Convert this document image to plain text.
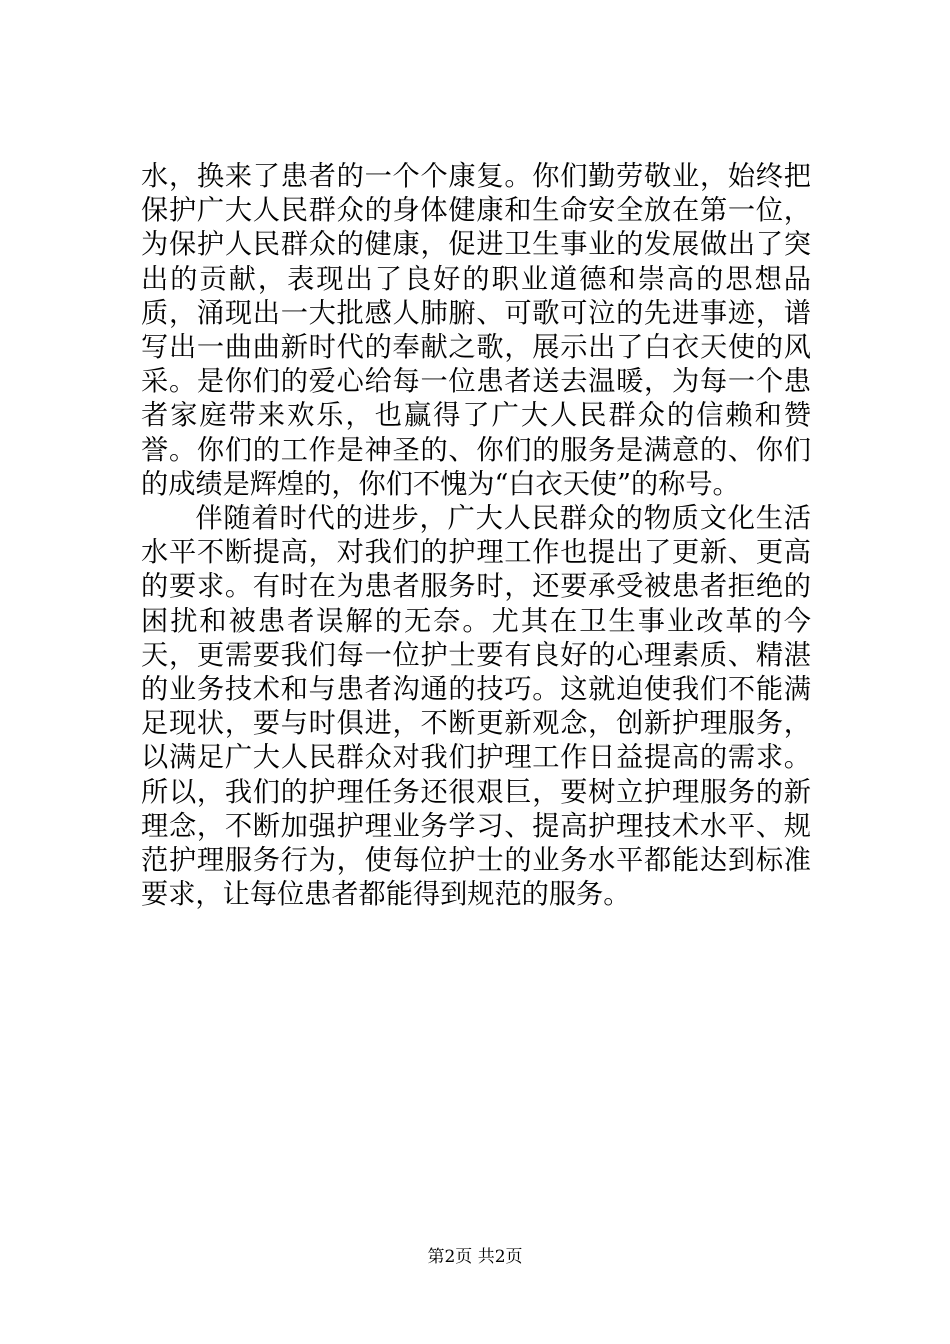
水，换来了患者的一个个康复。你们勤劳敬业，始终把保护广大人民群众的身体健康和生命安全放在第一位，为保护人民群众的健康，促进卫生事业的发展做出了突出的贡献，表现出了良好的职业道德和崇高的思想品质，涌现出一大批感人肺腑、可歌可泣的先进事迹，谱写出一曲曲新时代的奉献之歌，展示出了白衣天使的风采。是你们的爱心给每一位患者送去温暖，为每一个患者家庭带来欢乐，也赢得了广大人民群众的信赖和赞誉。你们的工作是神圣的、你们的服务是满意的、你们的成绩是辉煌的，你们不愧为“白衣天使”的称号。

伴随着时代的进步，广大人民群众的物质文化生活水平不断提高，对我们的护理工作也提出了更新、更高的要求。有时在为患者服务时，还要承受被患者拒绝的困扰和被患者误解的无奈。尤其在卫生事业改革的今天，更需要我们每一位护士要有良好的心理素质、精湛的业务技术和与患者沟通的技巧。这就迫使我们不能满足现状，要与时俱进，不断更新观念，创新护理服务，以满足广大人民群众对我们护理工作日益提高的需求。所以，我们的护理任务还很艰巨，要树立护理服务的新理念，不断加强护理业务学习、提高护理技术水平、规范护理服务行为，使每位护士的业务水平都能达到标准要求，让每位患者都能得到规范的服务。

第2页 共2页
